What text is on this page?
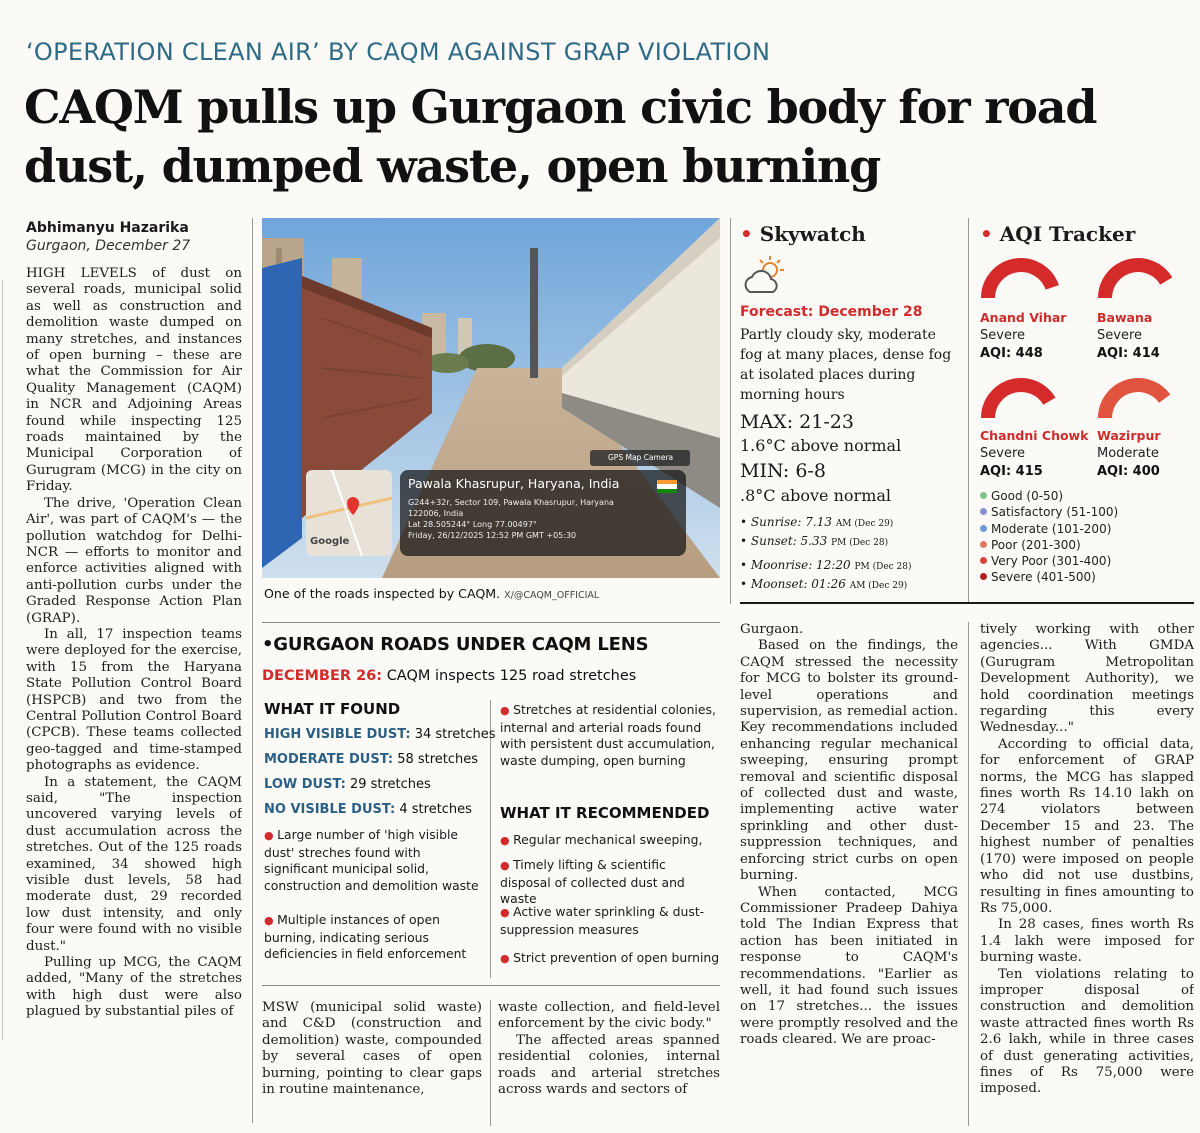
‘OPERATION CLEAN AIR’ BY CAQM AGAINST GRAP VIOLATION
CAQM pulls up Gurgaon civic body for road dust, dumped waste, open burning
Abhimanyu Hazarika
Gurgaon, December 27

HIGH LEVELS of dust on several roads, municipal solid as well as construction and demolition waste dumped on many stretches, and instances of open burning – these are what the Commission for Air Quality Management (CAQM) in NCR and Adjoining Areas found while inspecting 125 roads maintained by the Municipal Corporation of Gurugram (MCG) in the city on Friday.

The drive, 'Operation Clean Air', was part of CAQM's — the pollution watchdog for Delhi-NCR — efforts to monitor and enforce activities aligned with anti-pollution curbs under the Graded Response Action Plan (GRAP).

In all, 17 inspection teams were deployed for the exercise, with 15 from the Haryana State Pollution Control Board (HSPCB) and two from the Central Pollution Control Board (CPCB). These teams collected geo-tagged and time-stamped photographs as evidence.

In a statement, the CAQM said, "The inspection uncovered varying levels of dust accumulation across the stretches. Out of the 125 roads examined, 34 showed high visible dust levels, 58 had moderate dust, 29 recorded low dust intensity, and only four were found with no visible dust."

Pulling up MCG, the CAQM added, "Many of the stretches with high dust were also plagued by substantial piles of

GPS Map Camera
Pawala Khasrupur, Haryana, India
G244+32r, Sector 109, Pawala Khasrupur, Haryana
122006, India
Lat 28.505244° Long 77.00497°
Friday, 26/12/2025 12:52 PM GMT +05:30
Google
One of the roads inspected by CAQM. X/@CAQM_OFFICIAL
• Skywatch
Forecast: December 28
Partly cloudy sky, moderate fog at many places, dense fog at isolated places during morning hours
MAX: 21-23
1.6°C above normal
MIN: 6-8
.8°C above normal
• Sunrise: 7.13 AM (Dec 29)
• Sunset: 5.33 PM (Dec 28)
• Moonrise: 12:20 PM (Dec 28)
• Moonset: 01:26 AM (Dec 29)
• AQI Tracker
Anand Vihar
Severe
AQI: 448
Bawana
Severe
AQI: 414
Chandni Chowk
Severe
AQI: 415
Wazirpur
Moderate
AQI: 400
Good (0-50)
Satisfactory (51-100)
Moderate (101-200)
Poor (201-300)
Very Poor (301-400)
Severe (401-500)
•GURGAON ROADS UNDER CAQM LENS
DECEMBER 26: CAQM inspects 125 road stretches
WHAT IT FOUND
HIGH VISIBLE DUST: 34 stretches
MODERATE DUST: 58 stretches
LOW DUST: 29 stretches
NO VISIBLE DUST: 4 stretches
● Large number of 'high visible dust' streches found with significant municipal solid, construction and demolition waste
● Multiple instances of open burning, indicating serious deficiencies in field enforcement
● Stretches at residential colonies, internal and arterial roads found with persistent dust accumulation, waste dumping, open burning
WHAT IT RECOMMENDED
● Regular mechanical sweeping,
● Timely lifting & scientific disposal of collected dust and waste
● Active water sprinkling & dust-suppression measures
● Strict prevention of open burning

MSW (municipal solid waste) and C&D (construction and demolition) waste, compounded by several cases of open burning, pointing to clear gaps in routine maintenance,

waste collection, and field-level enforcement by the civic body."

The affected areas spanned residential colonies, internal roads and arterial stretches across wards and sectors of

Gurgaon.

Based on the findings, the CAQM stressed the necessity for MCG to bolster its ground-level operations and supervision, as remedial action. Key recommendations included enhancing regular mechanical sweeping, ensuring prompt removal and scientific disposal of collected dust and waste, implementing active water sprinkling and other dust-suppression techniques, and enforcing strict curbs on open burning.

When contacted, MCG Commissioner Pradeep Dahiya told The Indian Express that action has been initiated in response to CAQM's recommendations. "Earlier as well, it had found such issues on 17 stretches... the issues were promptly resolved and the roads cleared. We are proac-

tively working with other agencies... With GMDA (Gurugram Metropolitan Development Authority), we hold coordination meetings regarding this every Wednesday..."

According to official data, for enforcement of GRAP norms, the MCG has slapped fines worth Rs 14.10 lakh on 274 violators between December 15 and 23. The highest number of penalties (170) were imposed on people who did not use dustbins, resulting in fines amounting to Rs 75,000.

In 28 cases, fines worth Rs 1.4 lakh were imposed for burning waste.

Ten violations relating to improper disposal of construction and demolition waste attracted fines worth Rs 2.6 lakh, while in three cases of dust generating activities, fines of Rs 75,000 were imposed.
